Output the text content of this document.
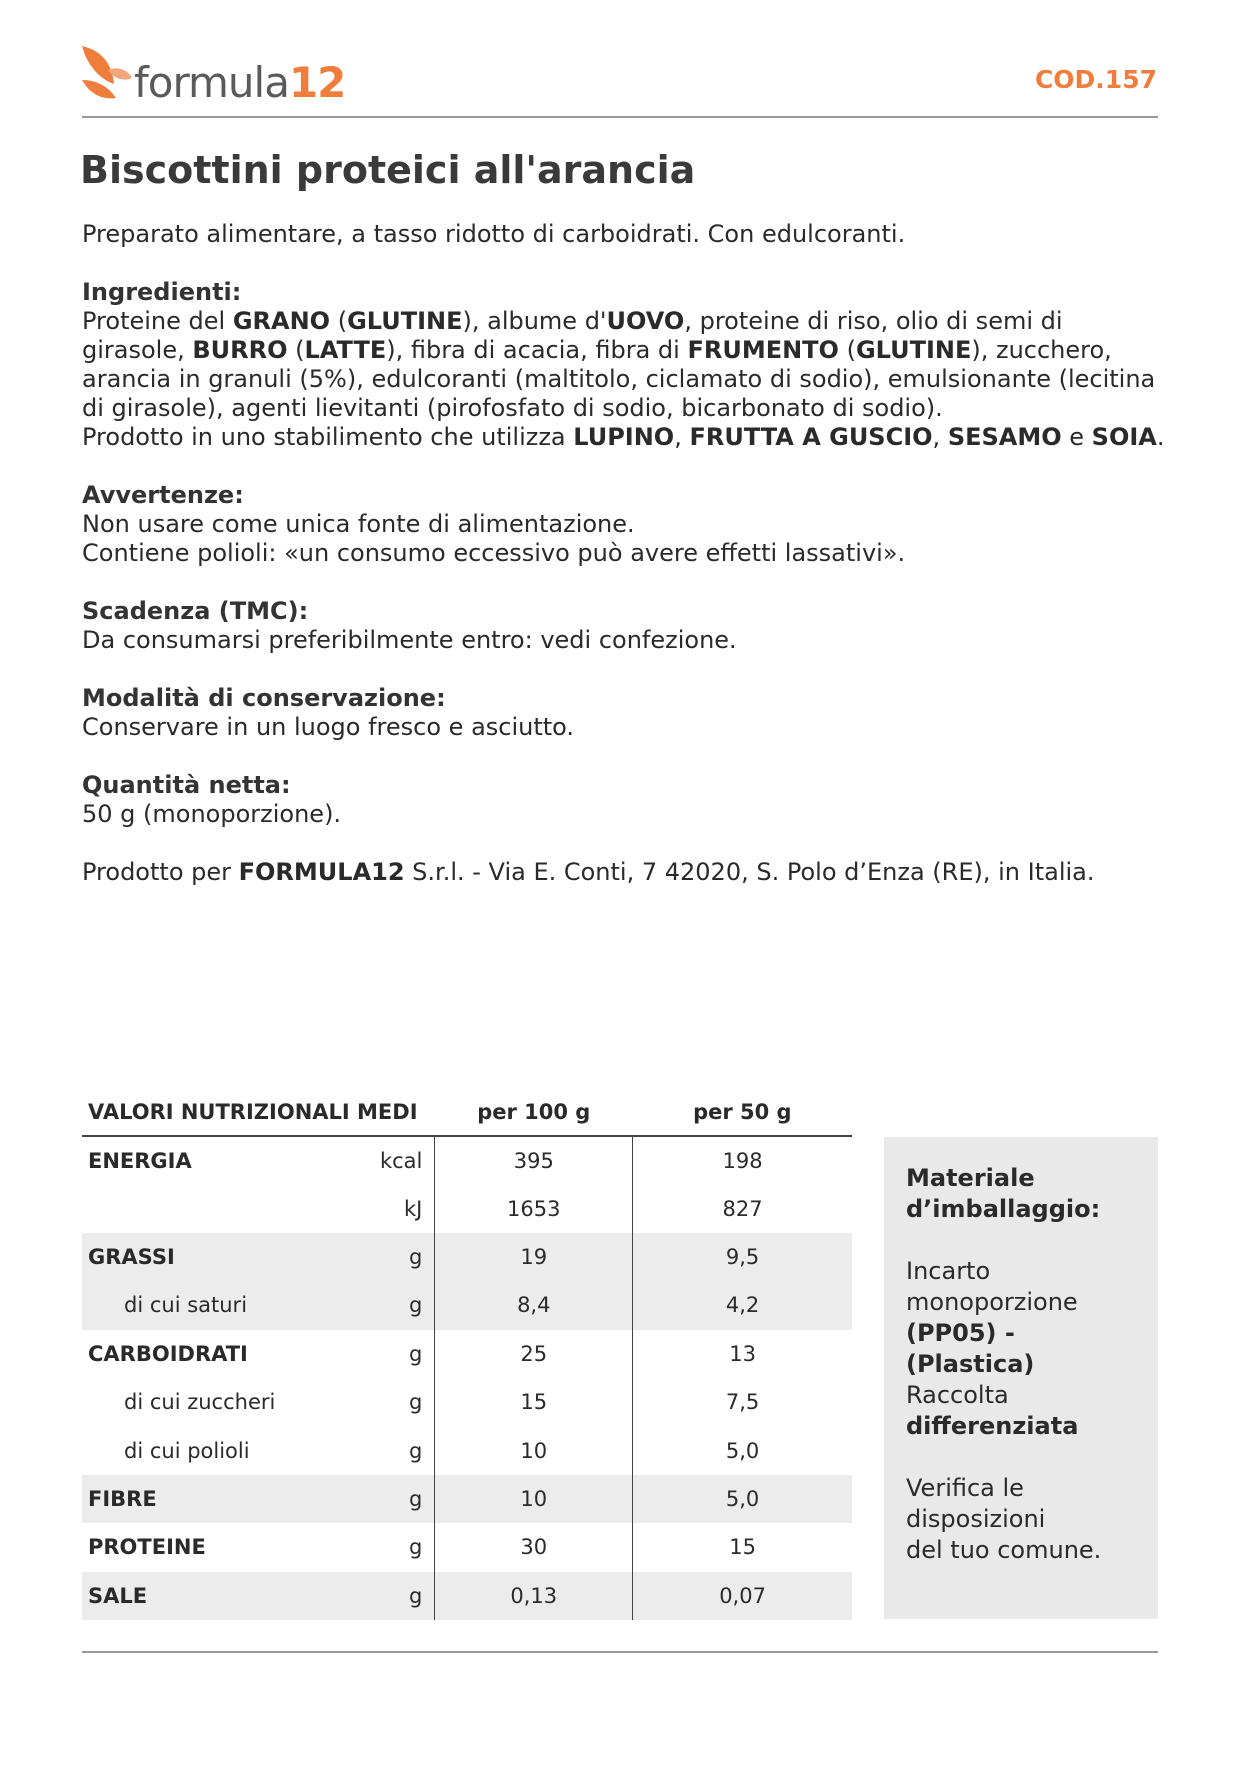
formula12	COD.157
Biscottini proteici all'arancia

Preparato alimentare, a tasso ridotto di carboidrati. Con edulcoranti.

Ingredienti:

Proteine del GRANO (GLUTINE), albume d'UOVO, proteine di riso, olio di semi di girasole, BURRO (LATTE), fibra di acacia, fibra di FRUMENTO (GLUTINE), zucchero, arancia in granuli (5%), edulcoranti (maltitolo, ciclamato di sodio), emulsionante (lecitina di girasole), agenti lievitanti (pirofosfato di sodio, bicarbonato di sodio).

Prodotto in uno stabilimento che utilizza LUPINO, FRUTTA A GUSCIO, SESAMO e SOIA.

Avvertenze:

Non usare come unica fonte di alimentazione.

Contiene polioli: «un consumo eccessivo può avere effetti lassativi».

Scadenza (TMC):

Da consumarsi preferibilmente entro: vedi confezione.

Modalità di conservazione:

Conservare in un luogo fresco e asciutto.

Quantità netta:

50 g (monoporzione).

Prodotto per FORMULA12 S.r.l. - Via E. Conti, 7 42020, S. Polo d’Enza (RE), in Italia.

VALORI NUTRIZIONALI MEDI		per 100 g	per 50 g
ENERGIA	kcal	395	198
	kJ	1653	827
GRASSI	g	19	9,5
di cui saturi	g	8,4	4,2
CARBOIDRATI	g	25	13
di cui zuccheri	g	15	7,5
di cui polioli	g	10	5,0
FIBRE	g	10	5,0
PROTEINE	g	30	15
SALE	g	0,13	0,07

Materiale

d’imballaggio:

Incarto

monoporzione

(PP05) - (Plastica)

Raccolta

differenziata

Verifica le

disposizioni

del tuo comune.
